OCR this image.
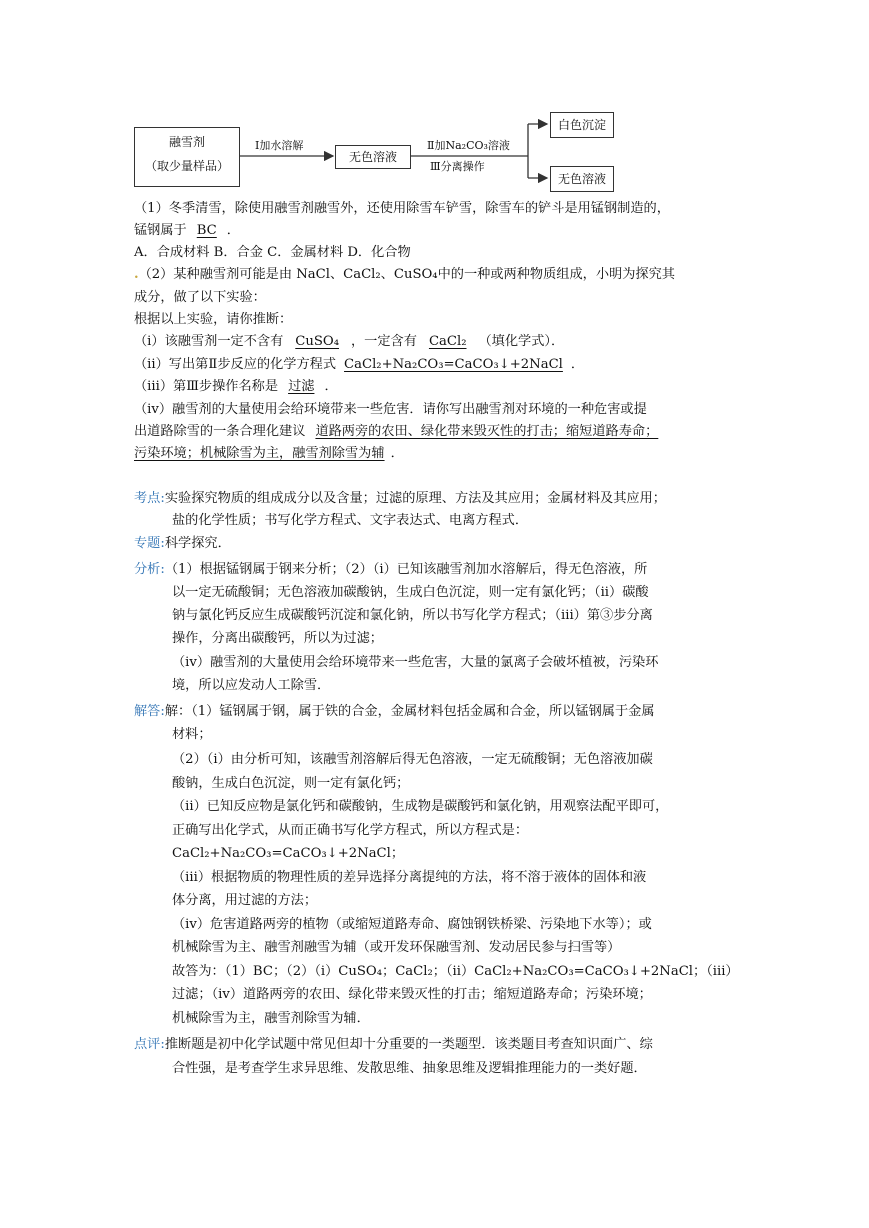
融雪剂
（取少量样品）
Ⅰ加水溶解
无色溶液
Ⅱ加Na₂CO₃溶液
Ⅲ分离操作
白色沉淀
无色溶液
（1）冬季清雪，除使用融雪剂融雪外，还使用除雪车铲雪，除雪车的铲斗是用锰钢制造的，
锰钢属于 BC ．
A．合成材料 B．合金 C．金属材料 D．化合物
.（2）某种融雪剂可能是由 NaCl、CaCl₂、CuSO₄中的一种或两种物质组成，小明为探究其
成分，做了以下实验：
根据以上实验，请你推断：
（i）该融雪剂一定不含有 CuSO₄ ，一定含有 CaCl₂ （填化学式）．
（ii）写出第Ⅱ步反应的化学方程式 CaCl₂+Na₂CO₃=CaCO₃↓+2NaCl ．
（iii）第Ⅲ步操作名称是 过滤 ．
（iv）融雪剂的大量使用会给环境带来一些危害．请你写出融雪剂对环境的一种危害或提
出道路除雪的一条合理化建议 道路两旁的农田、绿化带来毁灭性的打击；缩短道路寿命；
污染环境；机械除雪为主，融雪剂除雪为辅 ．
考点:实验探究物质的组成成分以及含量；过滤的原理、方法及其应用；金属材料及其应用；
盐的化学性质；书写化学方程式、文字表达式、电离方程式．
专题:科学探究．
分析:（1）根据锰钢属于钢来分析；（2）（i）已知该融雪剂加水溶解后，得无色溶液，所
以一定无硫酸铜；无色溶液加碳酸钠，生成白色沉淀，则一定有氯化钙；（ii）碳酸
钠与氯化钙反应生成碳酸钙沉淀和氯化钠，所以书写化学方程式；（iii）第③步分离
操作，分离出碳酸钙，所以为过滤；
（iv）融雪剂的大量使用会给环境带来一些危害，大量的氯离子会破坏植被，污染环
境，所以应发动人工除雪．
解答:解：（1）锰钢属于钢，属于铁的合金，金属材料包括金属和合金，所以锰钢属于金属
材料；
（2）（i）由分析可知，该融雪剂溶解后得无色溶液，一定无硫酸铜；无色溶液加碳
酸钠，生成白色沉淀，则一定有氯化钙；
（ii）已知反应物是氯化钙和碳酸钠，生成物是碳酸钙和氯化钠，用观察法配平即可，
正确写出化学式，从而正确书写化学方程式，所以方程式是：
CaCl₂+Na₂CO₃=CaCO₃↓+2NaCl；
（iii）根据物质的物理性质的差异选择分离提纯的方法，将不溶于液体的固体和液
体分离，用过滤的方法；
（iv）危害道路两旁的植物（或缩短道路寿命、腐蚀钢铁桥梁、污染地下水等）；或
机械除雪为主、融雪剂融雪为辅（或开发环保融雪剂、发动居民参与扫雪等）
故答为：（1）BC；（2）（i）CuSO₄；CaCl₂；（ii）CaCl₂+Na₂CO₃=CaCO₃↓+2NaCl；（iii）
过滤；（iv）道路两旁的农田、绿化带来毁灭性的打击；缩短道路寿命；污染环境；
机械除雪为主，融雪剂除雪为辅．
点评:推断题是初中化学试题中常见但却十分重要的一类题型．该类题目考查知识面广、综
合性强，是考查学生求异思维、发散思维、抽象思维及逻辑推理能力的一类好题．
